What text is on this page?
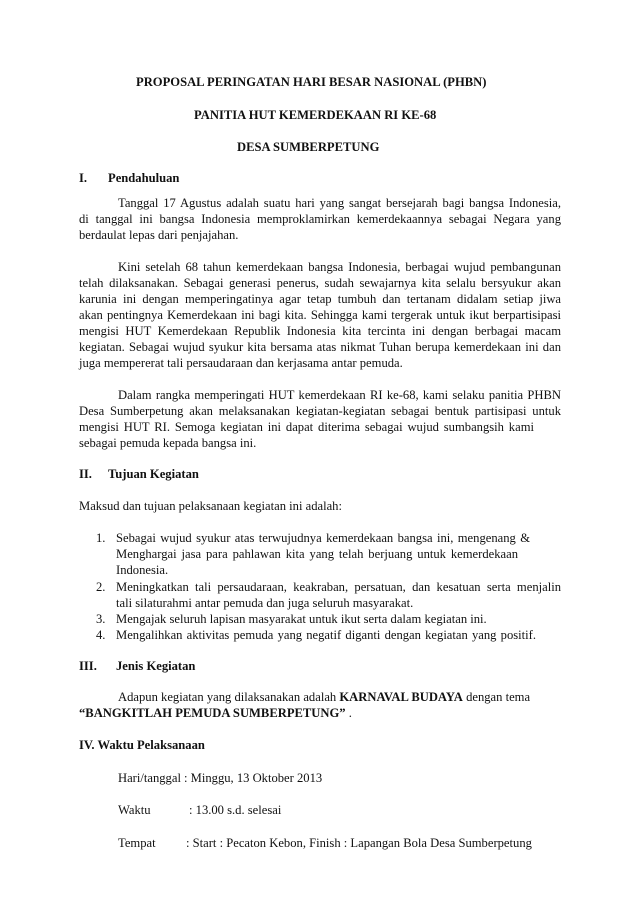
PROPOSAL PERINGATAN HARI BESAR NASIONAL (PHBN)
PANITIA HUT KEMERDEKAAN RI KE-68
DESA SUMBERPETUNG
I. Pendahuluan
Tanggal 17 Agustus adalah suatu hari yang sangat bersejarah bagi bangsa Indonesia,
di tanggal ini bangsa Indonesia memproklamirkan kemerdekaannya sebagai Negara yang
berdaulat lepas dari penjajahan.
Kini setelah 68 tahun kemerdekaan bangsa Indonesia, berbagai wujud pembangunan
telah dilaksanakan. Sebagai generasi penerus, sudah sewajarnya kita selalu bersyukur akan
karunia ini dengan memperingatinya agar tetap tumbuh dan tertanam didalam setiap jiwa
akan pentingnya Kemerdekaan ini bagi kita. Sehingga kami tergerak untuk ikut berpartisipasi
mengisi HUT Kemerdekaan Republik Indonesia kita tercinta ini dengan berbagai macam
kegiatan. Sebagai wujud syukur kita bersama atas nikmat Tuhan berupa kemerdekaan ini dan
juga mempererat tali persaudaraan dan kerjasama antar pemuda.
Dalam rangka memperingati HUT kemerdekaan RI ke-68, kami selaku panitia PHBN
Desa Sumberpetung akan melaksanakan kegiatan-kegiatan sebagai bentuk partisipasi untuk
mengisi HUT RI. Semoga kegiatan ini dapat diterima sebagai wujud sumbangsih kami
sebagai pemuda kepada bangsa ini.
II. Tujuan Kegiatan
Maksud dan tujuan pelaksanaan kegiatan ini adalah:
1. Sebagai wujud syukur atas terwujudnya kemerdekaan bangsa ini, mengenang &
Menghargai jasa para pahlawan kita yang telah berjuang untuk kemerdekaan
Indonesia.
2. Meningkatkan tali persaudaraan, keakraban, persatuan, dan kesatuan serta menjalin
tali silaturahmi antar pemuda dan juga seluruh masyarakat.
3. Mengajak seluruh lapisan masyarakat untuk ikut serta dalam kegiatan ini.
4. Mengalihkan aktivitas pemuda yang negatif diganti dengan kegiatan yang positif.
III. Jenis Kegiatan
Adapun kegiatan yang dilaksanakan adalah KARNAVAL BUDAYA dengan tema
“BANGKITLAH PEMUDA SUMBERPETUNG” .
IV. Waktu Pelaksanaan
Hari/tanggal : Minggu, 13 Oktober 2013
Waktu	: 13.00 s.d. selesai
Tempat : Start : Pecaton Kebon, Finish : Lapangan Bola Desa Sumberpetung
